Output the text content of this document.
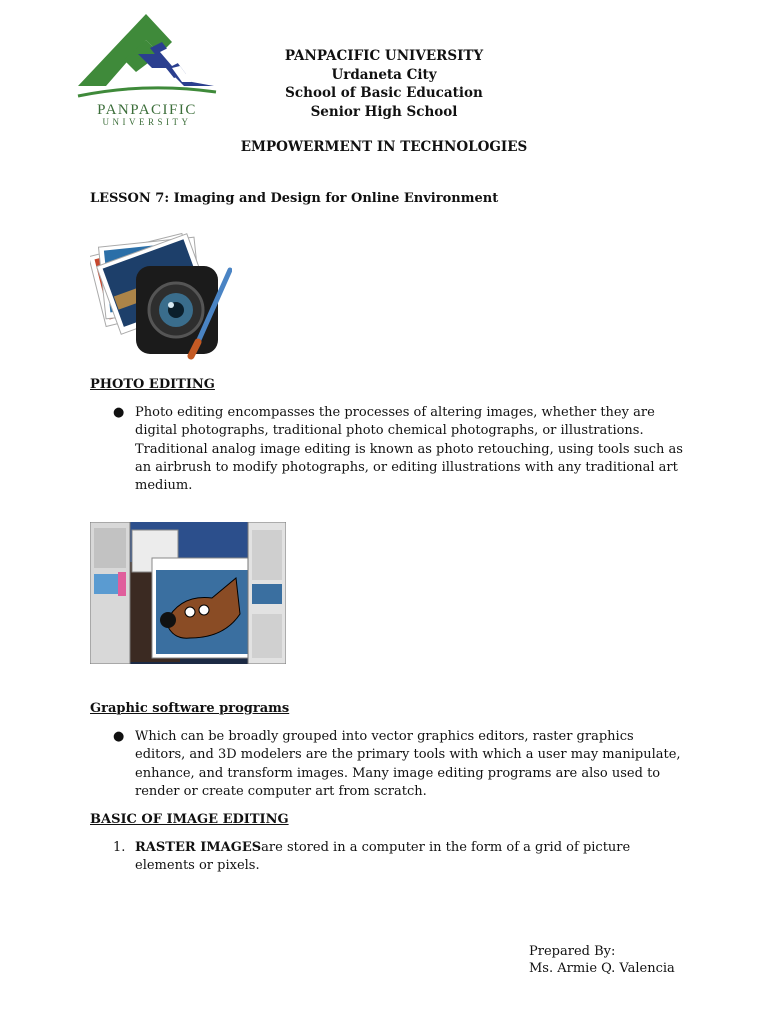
PANPACIFIC
UNIVERSITY
PANPACIFIC UNIVERSITY
Urdaneta City
School of Basic Education
Senior High School
EMPOWERMENT IN TECHNOLOGIES
LESSON 7: Imaging and Design for Online Environment
PHOTO EDITING
● Photo editing encompasses the processes of altering images, whether they are digital photographs, traditional photo chemical photographs, or illustrations. Traditional analog image editing is known as photo retouching, using tools such as an airbrush to modify photographs, or editing illustrations with any traditional art medium.
Graphic software programs
● Which can be broadly grouped into vector graphics editors, raster graphics editors, and 3D modelers are the primary tools with which a user may manipulate, enhance, and transform images. Many image editing programs are also used to render or create computer art from scratch.
BASIC OF IMAGE EDITING
1. RASTER IMAGESare stored in a computer in the form of a grid of picture elements or pixels.
Prepared By:
Ms. Armie Q. Valencia
